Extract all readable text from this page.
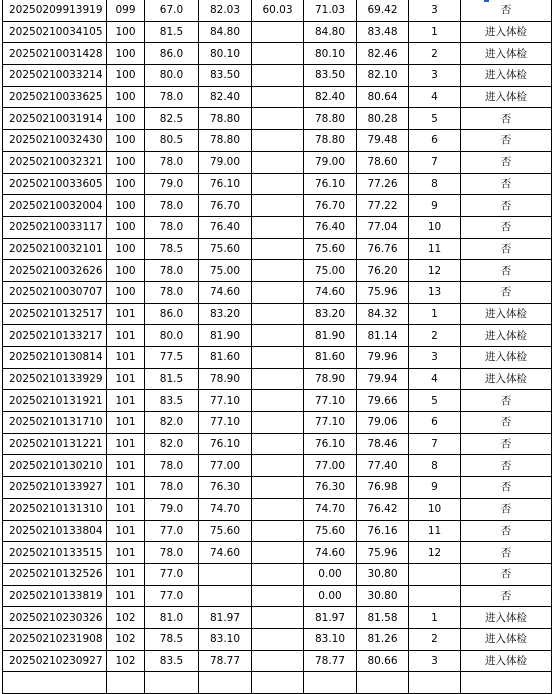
20250209913919	099	67.0	82.03	60.03	71.03	69.42	3	否
20250210034105	100	81.5	84.80		84.80	83.48	1	进入体检
20250210031428	100	86.0	80.10		80.10	82.46	2	进入体检
20250210033214	100	80.0	83.50		83.50	82.10	3	进入体检
20250210033625	100	78.0	82.40		82.40	80.64	4	进入体检
20250210031914	100	82.5	78.80		78.80	80.28	5	否
20250210032430	100	80.5	78.80		78.80	79.48	6	否
20250210032321	100	78.0	79.00		79.00	78.60	7	否
20250210033605	100	79.0	76.10		76.10	77.26	8	否
20250210032004	100	78.0	76.70		76.70	77.22	9	否
20250210033117	100	78.0	76.40		76.40	77.04	10	否
20250210032101	100	78.5	75.60		75.60	76.76	11	否
20250210032626	100	78.0	75.00		75.00	76.20	12	否
20250210030707	100	78.0	74.60		74.60	75.96	13	否
20250210132517	101	86.0	83.20		83.20	84.32	1	进入体检
20250210133217	101	80.0	81.90		81.90	81.14	2	进入体检
20250210130814	101	77.5	81.60		81.60	79.96	3	进入体检
20250210133929	101	81.5	78.90		78.90	79.94	4	进入体检
20250210131921	101	83.5	77.10		77.10	79.66	5	否
20250210131710	101	82.0	77.10		77.10	79.06	6	否
20250210131221	101	82.0	76.10		76.10	78.46	7	否
20250210130210	101	78.0	77.00		77.00	77.40	8	否
20250210133927	101	78.0	76.30		76.30	76.98	9	否
20250210131310	101	79.0	74.70		74.70	76.42	10	否
20250210133804	101	77.0	75.60		75.60	76.16	11	否
20250210133515	101	78.0	74.60		74.60	75.96	12	否
20250210132526	101	77.0			0.00	30.80		否
20250210133819	101	77.0			0.00	30.80		否
20250210230326	102	81.0	81.97		81.97	81.58	1	进入体检
20250210231908	102	78.5	83.10		83.10	81.26	2	进入体检
20250210230927	102	83.5	78.77		78.77	80.66	3	进入体检
